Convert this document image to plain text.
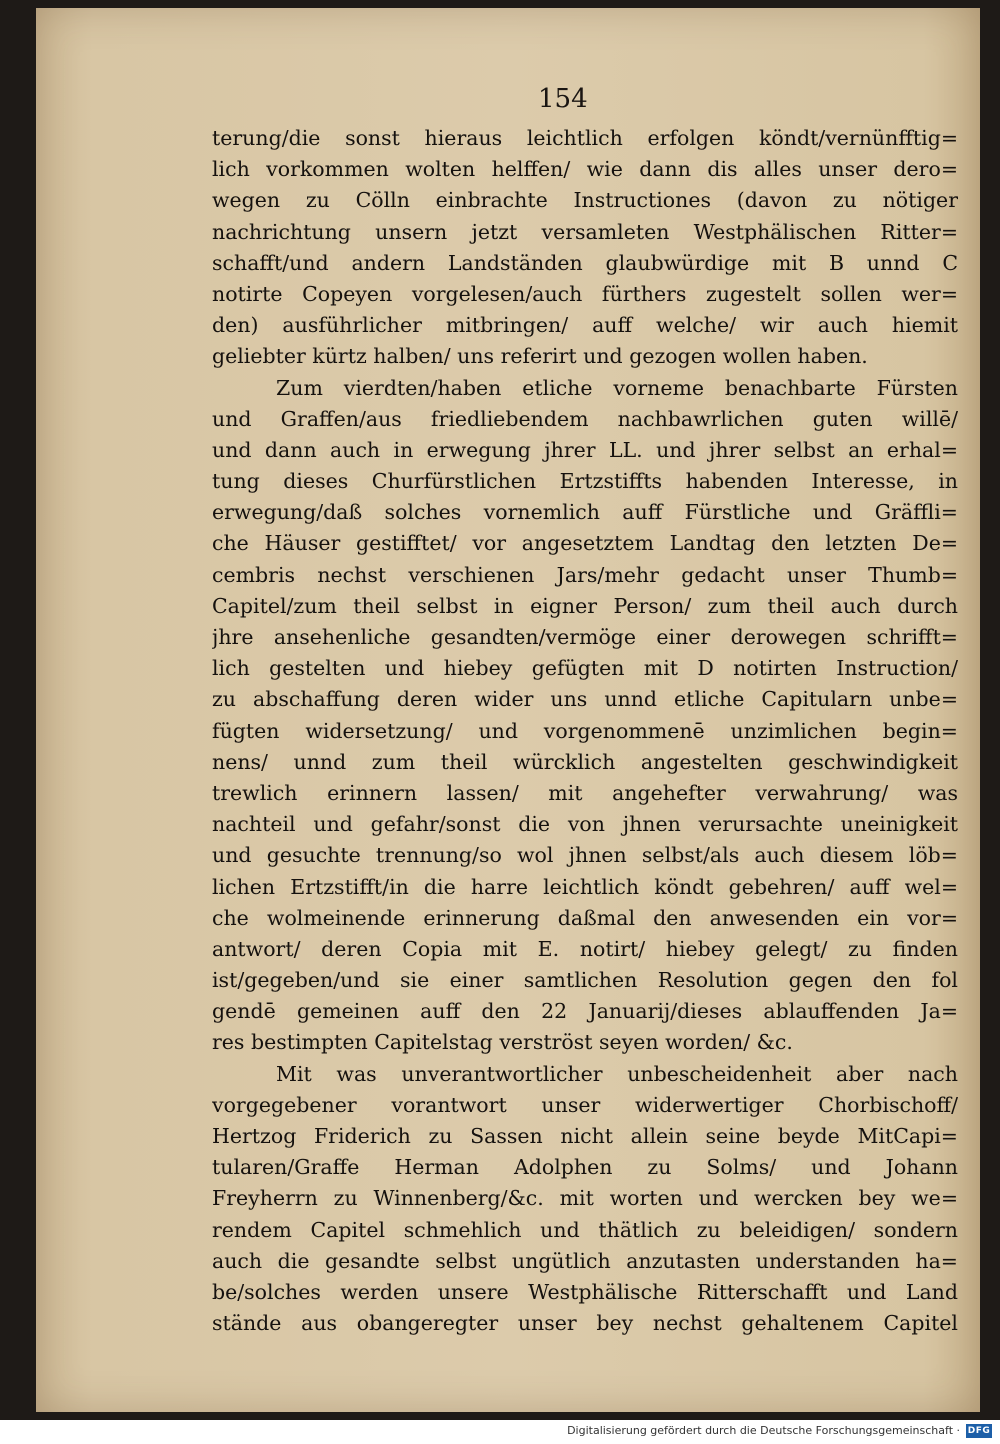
154
terung/die sonst hieraus leichtlich erfolgen köndt/vernünfftig=
lich vorkommen wolten helffen/ wie dann dis alles unser dero=
wegen zu Cölln einbrachte Instructiones (davon zu nötiger
nachrichtung unsern jetzt versamleten Westphälischen Ritter=
schafft/und andern Landständen glaubwürdige mit B unnd C
notirte Copeyen vorgelesen/auch fürthers zugestelt sollen wer=
den) ausführlicher mitbringen/ auff welche/ wir auch hiemit
geliebter kürtz halben/ uns referirt und gezogen wollen haben.
Zum vierdten/haben etliche vorneme benachbarte Fürsten
und Graffen/aus friedliebendem nachbawrlichen guten willē/
und dann auch in erwegung jhrer LL. und jhrer selbst an erhal=
tung dieses Churfürstlichen Ertzstiffts habenden Interesse, in
erwegung/daß solches vornemlich auff Fürstliche und Gräffli=
che Häuser gestifftet/ vor angesetztem Landtag den letzten De=
cembris nechst verschienen Jars/mehr gedacht unser Thumb=
Capitel/zum theil selbst in eigner Person/ zum theil auch durch
jhre ansehenliche gesandten/vermöge einer derowegen schrifft=
lich gestelten und hiebey gefügten mit D notirten Instruction/
zu abschaffung deren wider uns unnd etliche Capitularn unbe=
fügten widersetzung/ und vorgenommenē unzimlichen begin=
nens/ unnd zum theil würcklich angestelten geschwindigkeit
trewlich erinnern lassen/ mit angehefter verwahrung/ was
nachteil und gefahr/sonst die von jhnen verursachte uneinigkeit
und gesuchte trennung/so wol jhnen selbst/als auch diesem löb=
lichen Ertzstifft/in die harre leichtlich köndt gebehren/ auff wel=
che wolmeinende erinnerung daßmal den anwesenden ein vor=
antwort/ deren Copia mit E. notirt/ hiebey gelegt/ zu finden
ist/gegeben/und sie einer samtlichen Resolution gegen den fol
gendē gemeinen auff den 22 Januarij/dieses ablauffenden Ja=
res bestimpten Capitelstag verströst seyen worden/ &c.
Mit was unverantwortlicher unbescheidenheit aber nach
vorgegebener vorantwort unser widerwertiger Chorbischoff/
Hertzog Friderich zu Sassen nicht allein seine beyde MitCapi=
tularen/Graffe Herman Adolphen zu Solms/ und Johann
Freyherrn zu Winnenberg/&c. mit worten und wercken bey we=
rendem Capitel schmehlich und thätlich zu beleidigen/ sondern
auch die gesandte selbst ungütlich anzutasten understanden ha=
be/solches werden unsere Westphälische Ritterschafft und Land
stände aus obangeregter unser bey nechst gehaltenem Capitel
Digitalisierung gefördert durch die Deutsche Forschungsgemeinschaft · DFG
